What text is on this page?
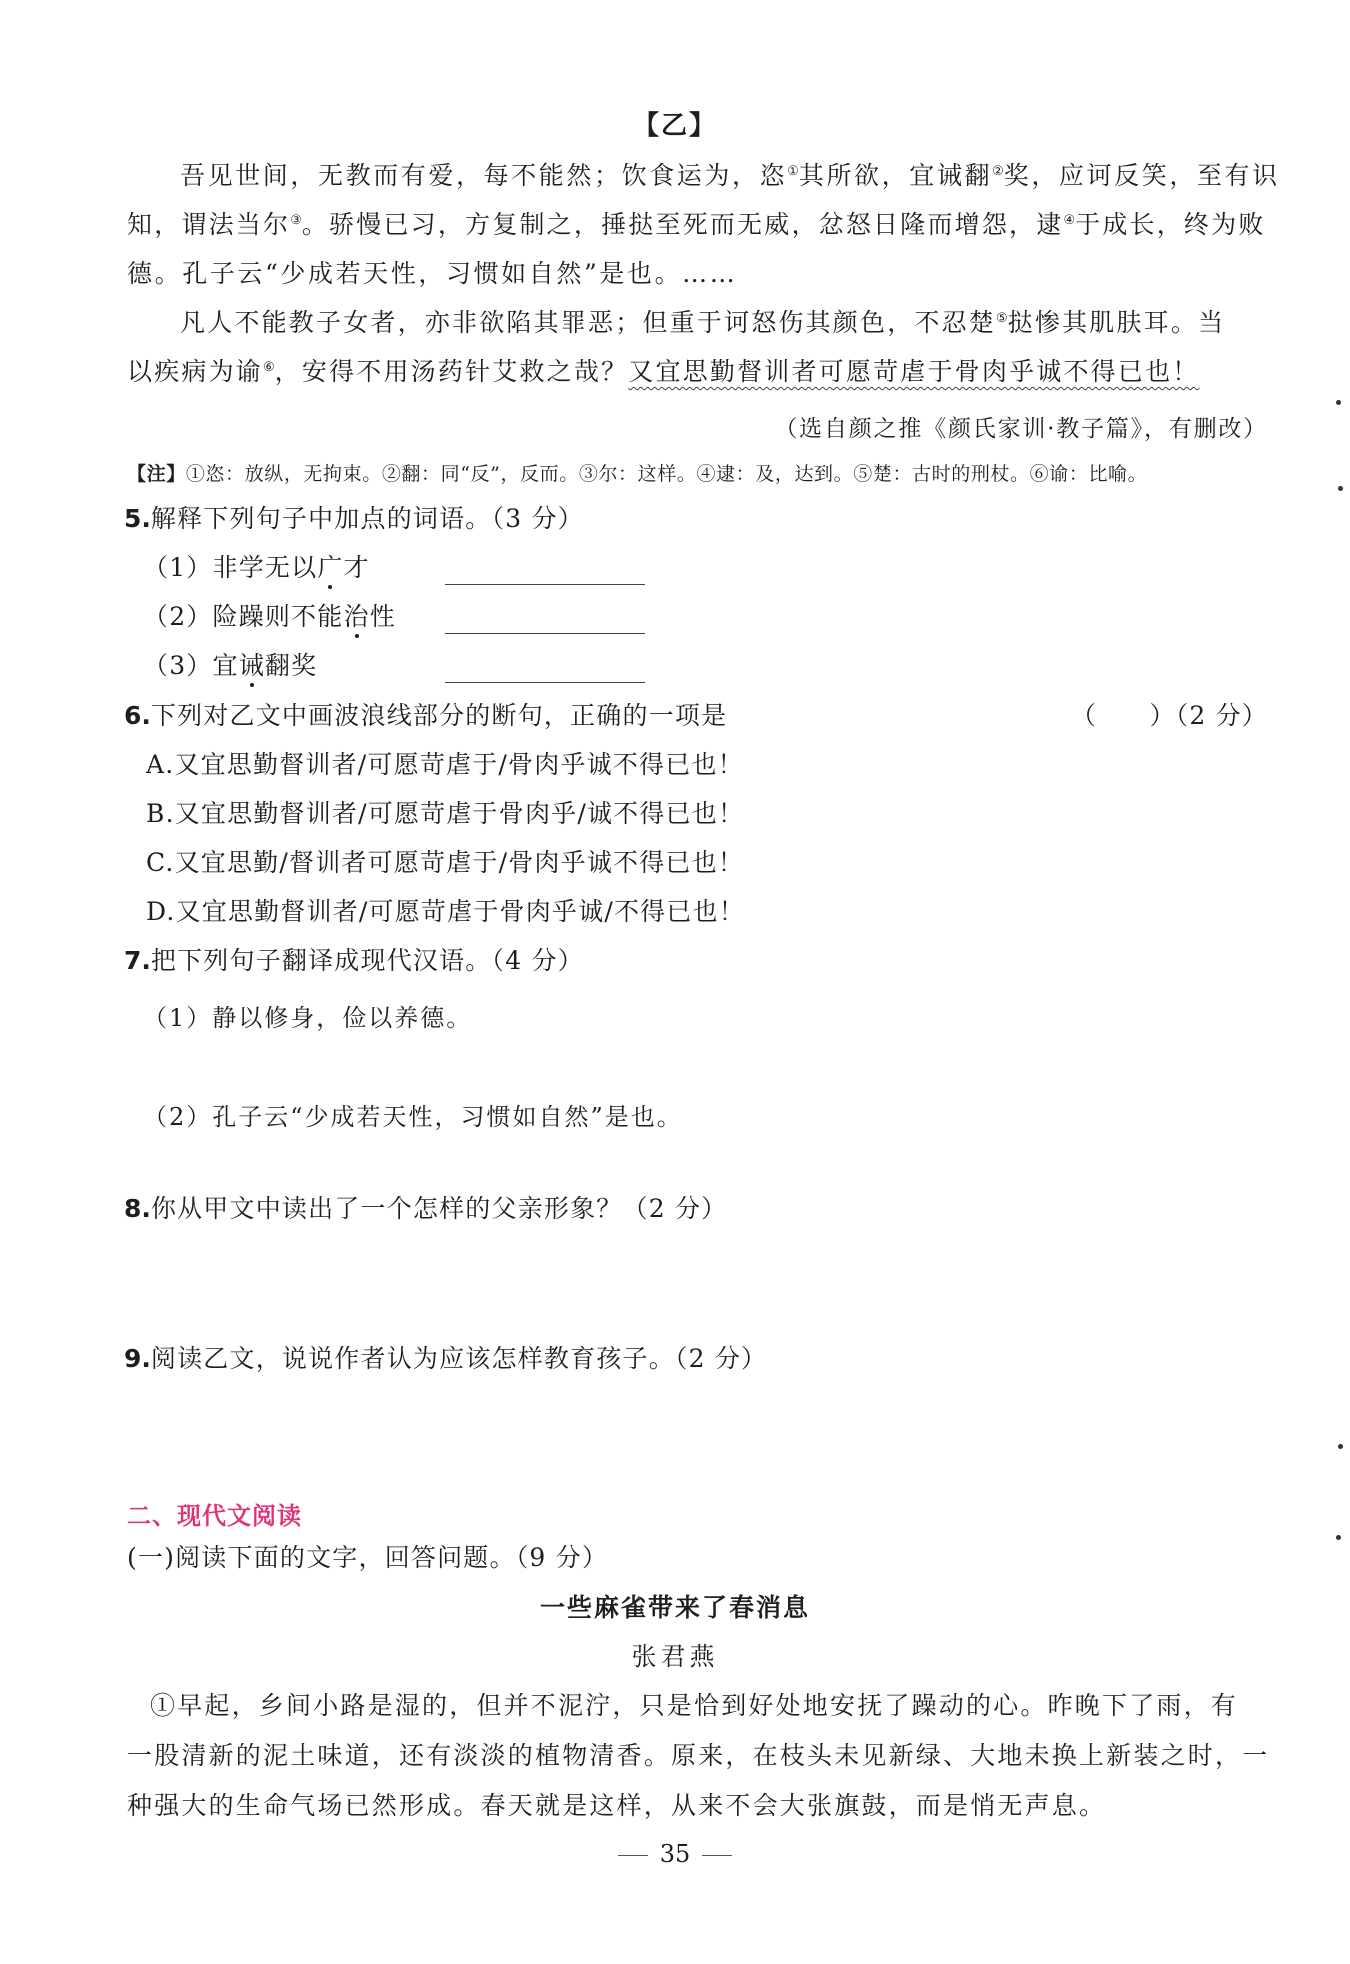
【乙】
吾见世间，无教而有爱，每不能然；饮食运为，恣①其所欲，宜诫翻②奖，应诃反笑，至有识
知，谓法当尔③。骄慢已习，方复制之，捶挞至死而无威，忿怒日隆而增怨，逮④于成长，终为败
德。孔子云“少成若天性，习惯如自然”是也。……
凡人不能教子女者，亦非欲陷其罪恶；但重于诃怒伤其颜色，不忍楚⑤挞惨其肌肤耳。当
以疾病为谕⑥，安得不用汤药针艾救之哉？又宜思勤督训者可愿苛虐于骨肉乎诚不得已也！
（选自颜之推《颜氏家训·教子篇》，有删改）
【注】①恣：放纵，无拘束。②翻：同“反”，反而。③尔：这样。④逮：及，达到。⑤楚：古时的刑杖。⑥谕：比喻。
5.解释下列句子中加点的词语。（3 分）
（1）非学无以广才
（2）险躁则不能治性
（3）宜诫翻奖
6.下列对乙文中画波浪线部分的断句，正确的一项是	（　　）（2 分）
A.又宜思勤督训者/可愿苛虐于/骨肉乎诚不得已也！
B.又宜思勤督训者/可愿苛虐于骨肉乎/诚不得已也！
C.又宜思勤/督训者可愿苛虐于/骨肉乎诚不得已也！
D.又宜思勤督训者/可愿苛虐于骨肉乎诚/不得已也！
7.把下列句子翻译成现代汉语。（4 分）
（1）静以修身，俭以养德。
（2）孔子云“少成若天性，习惯如自然”是也。
8.你从甲文中读出了一个怎样的父亲形象？（2 分）
9.阅读乙文，说说作者认为应该怎样教育孩子。（2 分）
二、现代文阅读
(一)阅读下面的文字，回答问题。（9 分）
一些麻雀带来了春消息
张君燕
①早起，乡间小路是湿的，但并不泥泞，只是恰到好处地安抚了躁动的心。昨晚下了雨，有
一股清新的泥土味道，还有淡淡的植物清香。原来，在枝头未见新绿、大地未换上新装之时，一
种强大的生命气场已然形成。春天就是这样，从来不会大张旗鼓，而是悄无声息。
35
